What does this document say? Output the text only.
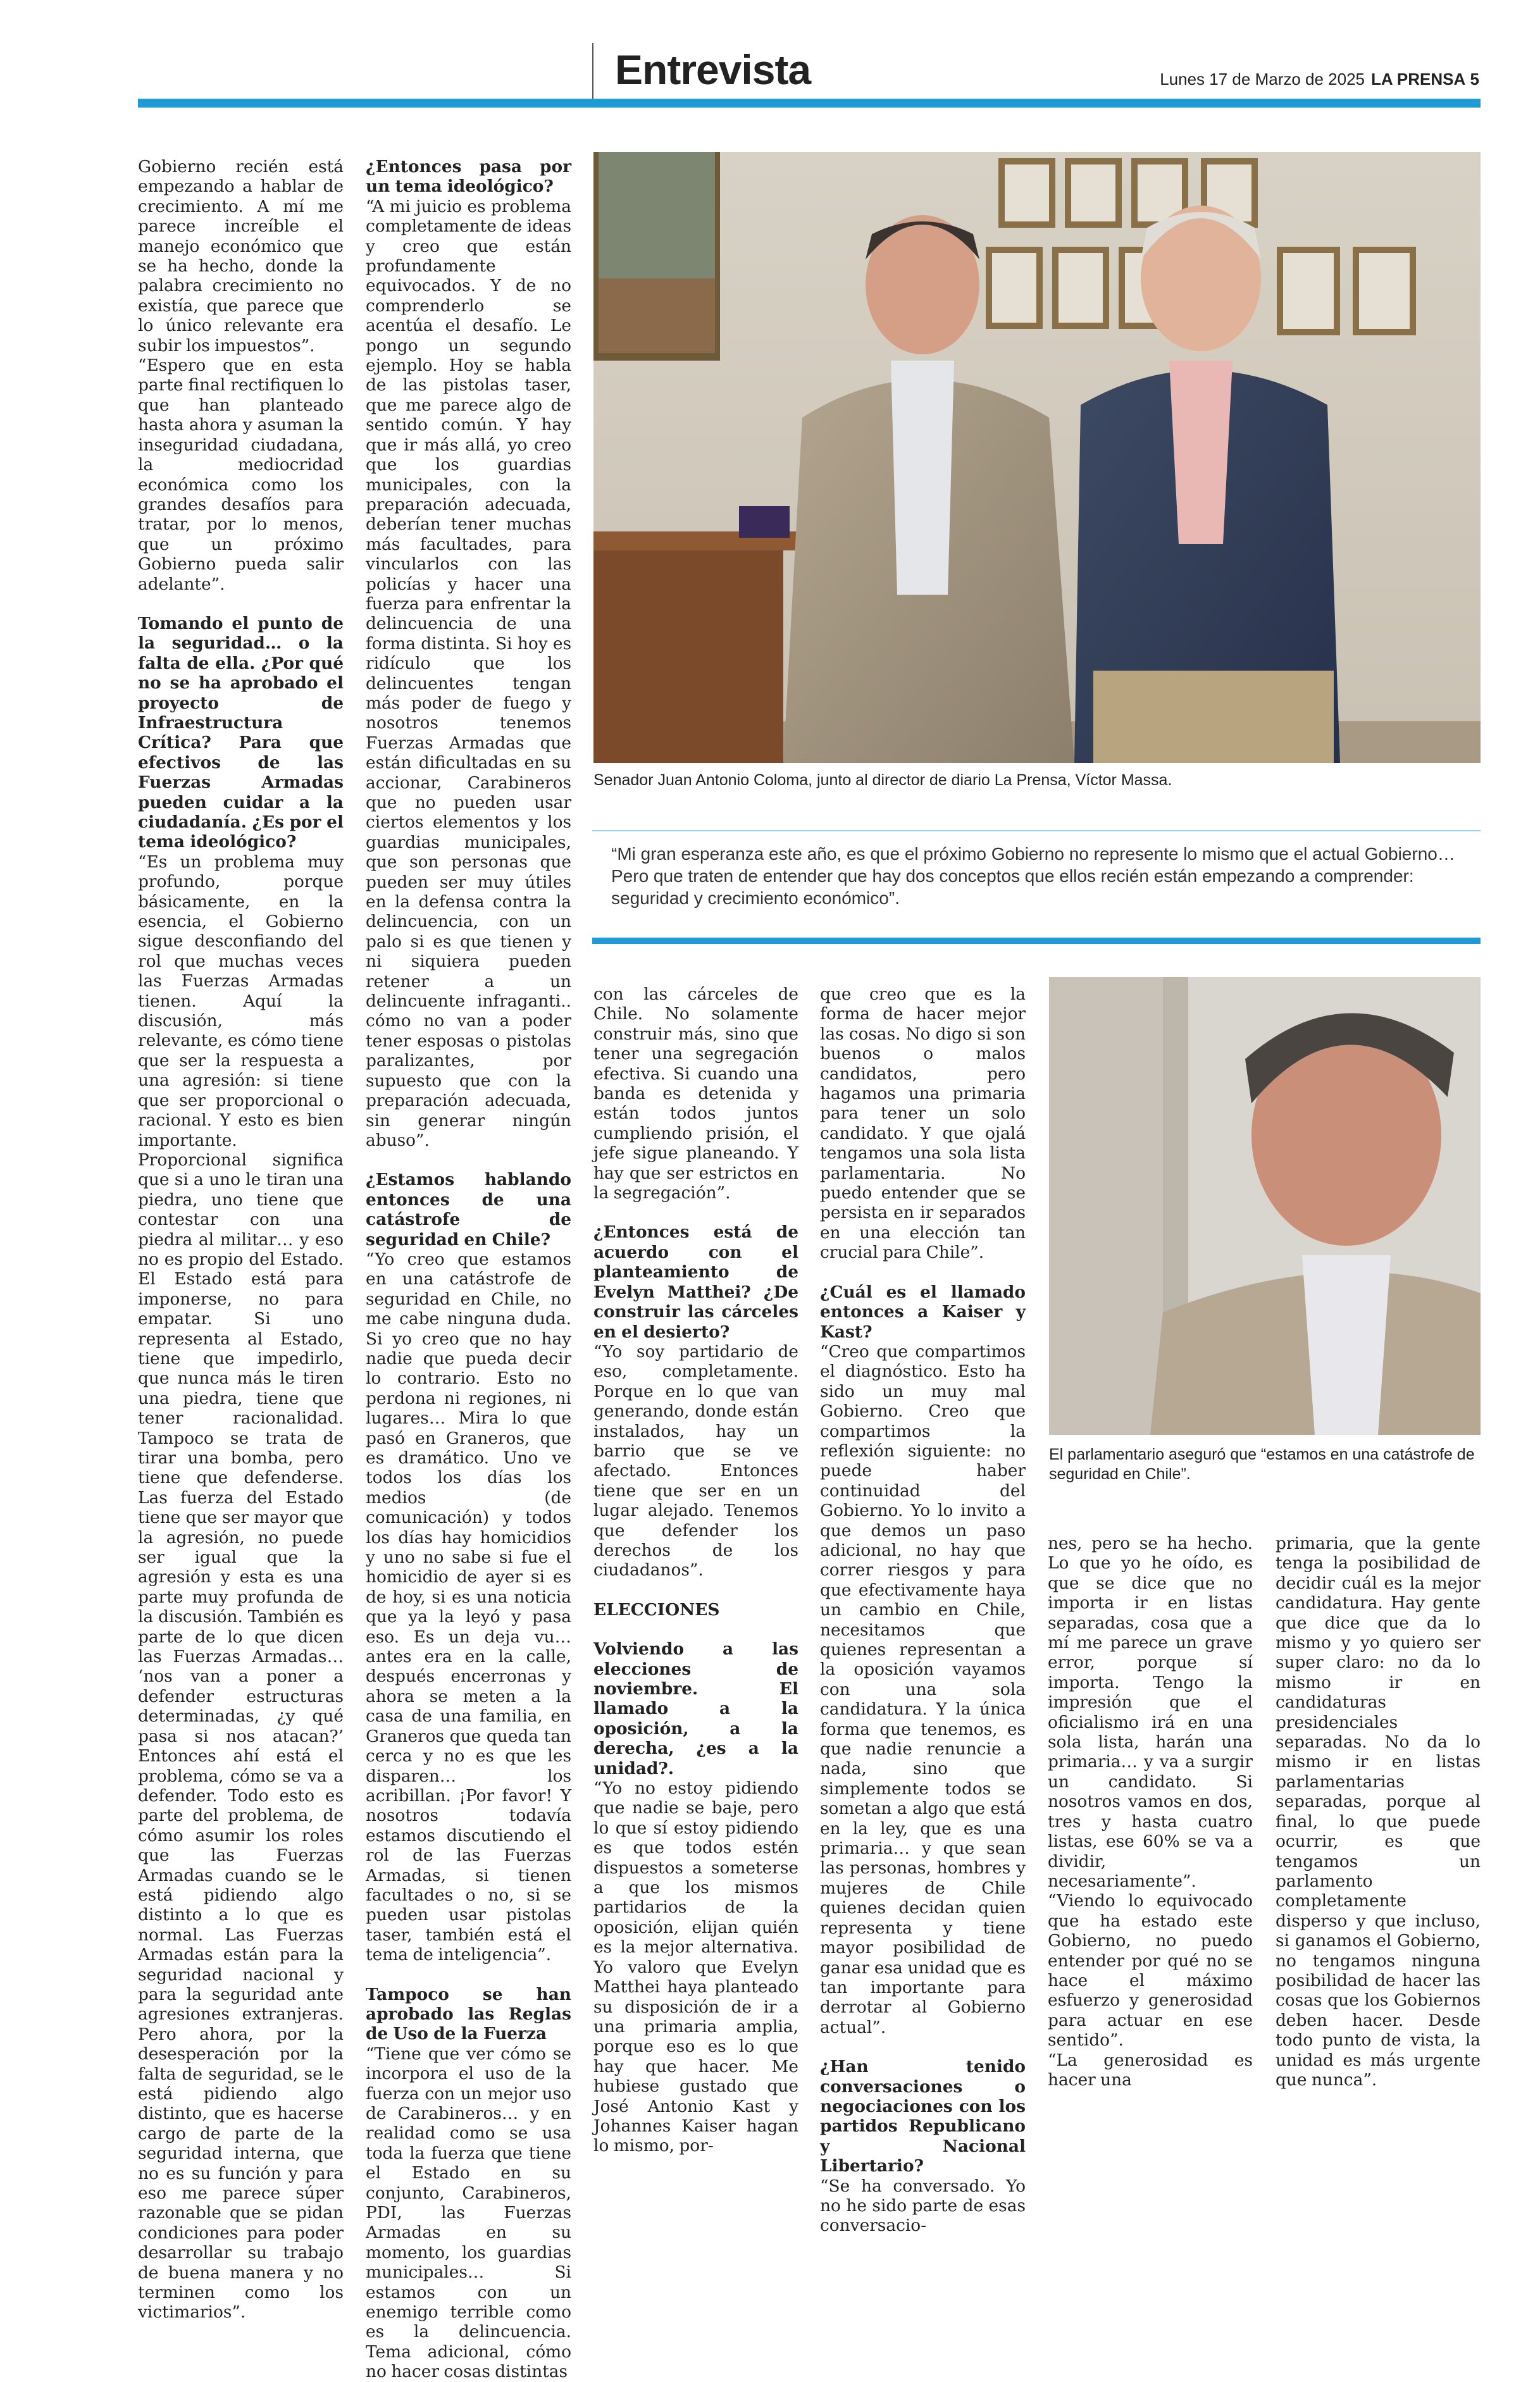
Entrevista	Lunes 17 de Marzo de 2025 LA PRENSA 5

Gobierno recién está empezando a hablar de crecimiento. A mí me parece increíble el manejo económico que se ha hecho, donde la palabra crecimiento no existía, que parece que lo único relevante era subir los impuestos”.

“Espero que en esta parte final rectifiquen lo que han planteado hasta ahora y asuman la inseguridad ciudadana, la mediocridad económica como los grandes desafíos para tratar, por lo menos, que un próximo Gobierno pueda salir adelante”.

Tomando el punto de la seguridad… o la falta de ella. ¿Por qué no se ha aprobado el proyecto de Infraestructura Crítica? Para que efectivos de las Fuerzas Armadas pueden cuidar a la ciudadanía. ¿Es por el tema ideológico?

“Es un problema muy profundo, porque básicamente, en la esencia, el Gobierno sigue desconfiando del rol que muchas veces las Fuerzas Armadas tienen. Aquí la discusión, más relevante, es cómo tiene que ser la respuesta a una agresión: si tiene que ser proporcional o racional. Y esto es bien importante. Proporcional significa que si a uno le tiran una piedra, uno tiene que contestar con una piedra al militar… y eso no es propio del Estado. El Estado está para imponerse, no para empatar. Si uno representa al Estado, tiene que impedirlo, que nunca más le tiren una piedra, tiene que tener racionalidad. Tampoco se trata de tirar una bomba, pero tiene que defenderse. Las fuerza del Estado tiene que ser mayor que la agresión, no puede ser igual que la agresión y esta es una parte muy profunda de la discusión. También es parte de lo que dicen las Fuerzas Armadas… ‘nos van a poner a defender estructuras determinadas, ¿y qué pasa si nos atacan?’ Entonces ahí está el problema, cómo se va a defender. Todo esto es parte del problema, de cómo asumir los roles que las Fuerzas Armadas cuando se le está pidiendo algo distinto a lo que es normal. Las Fuerzas Armadas están para la seguridad nacional y para la seguridad ante agresiones extranjeras. Pero ahora, por la desesperación por la falta de seguridad, se le está pidiendo algo distinto, que es hacerse cargo de parte de la seguridad interna, que no es su función y para eso me parece súper razonable que se pidan condiciones para poder desarrollar su trabajo de buena manera y no terminen como los victimarios”.

¿Entonces pasa por un tema ideológico?

“A mi juicio es problema completamente de ideas y creo que están profundamente equivocados. Y de no comprenderlo se acentúa el desafío. Le pongo un segundo ejemplo. Hoy se habla de las pistolas taser, que me parece algo de sentido común. Y hay que ir más allá, yo creo que los guardias municipales, con la preparación adecuada, deberían tener muchas más facultades, para vincularlos con las policías y hacer una fuerza para enfrentar la delincuencia de una forma distinta. Si hoy es ridículo que los delincuentes tengan más poder de fuego y nosotros tenemos Fuerzas Armadas que están dificultadas en su accionar, Carabineros que no pueden usar ciertos elementos y los guardias municipales, que son personas que pueden ser muy útiles en la defensa contra la delincuencia, con un palo si es que tienen y ni siquiera pueden retener a un delincuente infraganti.. cómo no van a poder tener esposas o pistolas paralizantes, por supuesto que con la preparación adecuada, sin generar ningún abuso”.

¿Estamos hablando entonces de una catástrofe de seguridad en Chile?

“Yo creo que estamos en una catástrofe de seguridad en Chile, no me cabe ninguna duda. Si yo creo que no hay nadie que pueda decir lo contrario. Esto no perdona ni regiones, ni lugares… Mira lo que pasó en Graneros, que es dramático. Uno ve todos los días los medios (de comunicación) y todos los días hay homicidios y uno no sabe si fue el homicidio de ayer si es de hoy, si es una noticia que ya la leyó y pasa eso. Es un deja vu… antes era en la calle, después encerronas y ahora se meten a la casa de una familia, en Graneros que queda tan cerca y no es que les disparen… los acribillan. ¡Por favor! Y nosotros todavía estamos discutiendo el rol de las Fuerzas Armadas, si tienen facultades o no, si se pueden usar pistolas taser, también está el tema de inteligencia”.

Tampoco se han aprobado las Reglas de Uso de la Fuerza

“Tiene que ver cómo se incorpora el uso de la fuerza con un mejor uso de Carabineros… y en realidad como se usa toda la fuerza que tiene el Estado en su conjunto, Carabineros, PDI, las Fuerzas Armadas en su momento, los guardias municipales… Si estamos con un enemigo terrible como es la delincuencia. Tema adicional, cómo no hacer cosas distintas

Senador Juan Antonio Coloma, junto al director de diario La Prensa, Víctor Massa.
“Mi gran esperanza este año, es que el próximo Gobierno no represente lo mismo que el actual Gobierno… Pero que traten de entender que hay dos conceptos que ellos recién están empezando a comprender: seguridad y crecimiento económico”.

con las cárceles de Chile. No solamente construir más, sino que tener una segregación efectiva. Si cuando una banda es detenida y están todos juntos cumpliendo prisión, el jefe sigue planeando. Y hay que ser estrictos en la segregación”.

¿Entonces está de acuerdo con el planteamiento de Evelyn Matthei? ¿De construir las cárceles en el desierto?

“Yo soy partidario de eso, completamente. Porque en lo que van generando, donde están instalados, hay un barrio que se ve afectado. Entonces tiene que ser en un lugar alejado. Tenemos que defender los derechos de los ciudadanos”.

ELECCIONES

Volviendo a las elecciones de noviembre. El llamado a la oposición, a la derecha, ¿es a la unidad?.

“Yo no estoy pidiendo que nadie se baje, pero lo que sí estoy pidiendo es que todos estén dispuestos a someterse a que los mismos partidarios de la oposición, elijan quién es la mejor alternativa. Yo valoro que Evelyn Matthei haya planteado su disposición de ir a una primaria amplia, porque eso es lo que hay que hacer. Me hubiese gustado que José Antonio Kast y Johannes Kaiser hagan lo mismo, por-

que creo que es la forma de hacer mejor las cosas. No digo si son buenos o malos candidatos, pero hagamos una primaria para tener un solo candidato. Y que ojalá tengamos una sola lista parlamentaria. No puedo entender que se persista en ir separados en una elección tan crucial para Chile”.

¿Cuál es el llamado entonces a Kaiser y Kast?

“Creo que compartimos el diagnóstico. Esto ha sido un muy mal Gobierno. Creo que compartimos la reflexión siguiente: no puede haber continuidad del Gobierno. Yo lo invito a que demos un paso adicional, no hay que correr riesgos y para que efectivamente haya un cambio en Chile, necesitamos que quienes representan a la oposición vayamos con una sola candidatura. Y la única forma que tenemos, es que nadie renuncie a nada, sino que simplemente todos se sometan a algo que está en la ley, que es una primaria… y que sean las personas, hombres y mujeres de Chile quienes decidan quien representa y tiene mayor posibilidad de ganar esa unidad que es tan importante para derrotar al Gobierno actual”.

¿Han tenido conversaciones o negociaciones con los partidos Republicano y Nacional Libertario?

“Se ha conversado. Yo no he sido parte de esas conversacio-

El parlamentario aseguró que “estamos en una catástrofe de seguridad en Chile”.

nes, pero se ha hecho. Lo que yo he oído, es que se dice que no importa ir en listas separadas, cosa que a mí me parece un grave error, porque sí importa. Tengo la impresión que el oficialismo irá en una sola lista, harán una primaria… y va a surgir un candidato. Si nosotros vamos en dos, tres y hasta cuatro listas, ese 60% se va a dividir, necesariamente”.

“Viendo lo equivocado que ha estado este Gobierno, no puedo entender por qué no se hace el máximo esfuerzo y generosidad para actuar en ese sentido”.

“La generosidad es hacer una

primaria, que la gente tenga la posibilidad de decidir cuál es la mejor candidatura. Hay gente que dice que da lo mismo y yo quiero ser super claro: no da lo mismo ir en candidaturas presidenciales separadas. No da lo mismo ir en listas parlamentarias separadas, porque al final, lo que puede ocurrir, es que tengamos un parlamento completamente disperso y que incluso, si ganamos el Gobierno, no tengamos ninguna posibilidad de hacer las cosas que los Gobiernos deben hacer. Desde todo punto de vista, la unidad es más urgente que nunca”.
